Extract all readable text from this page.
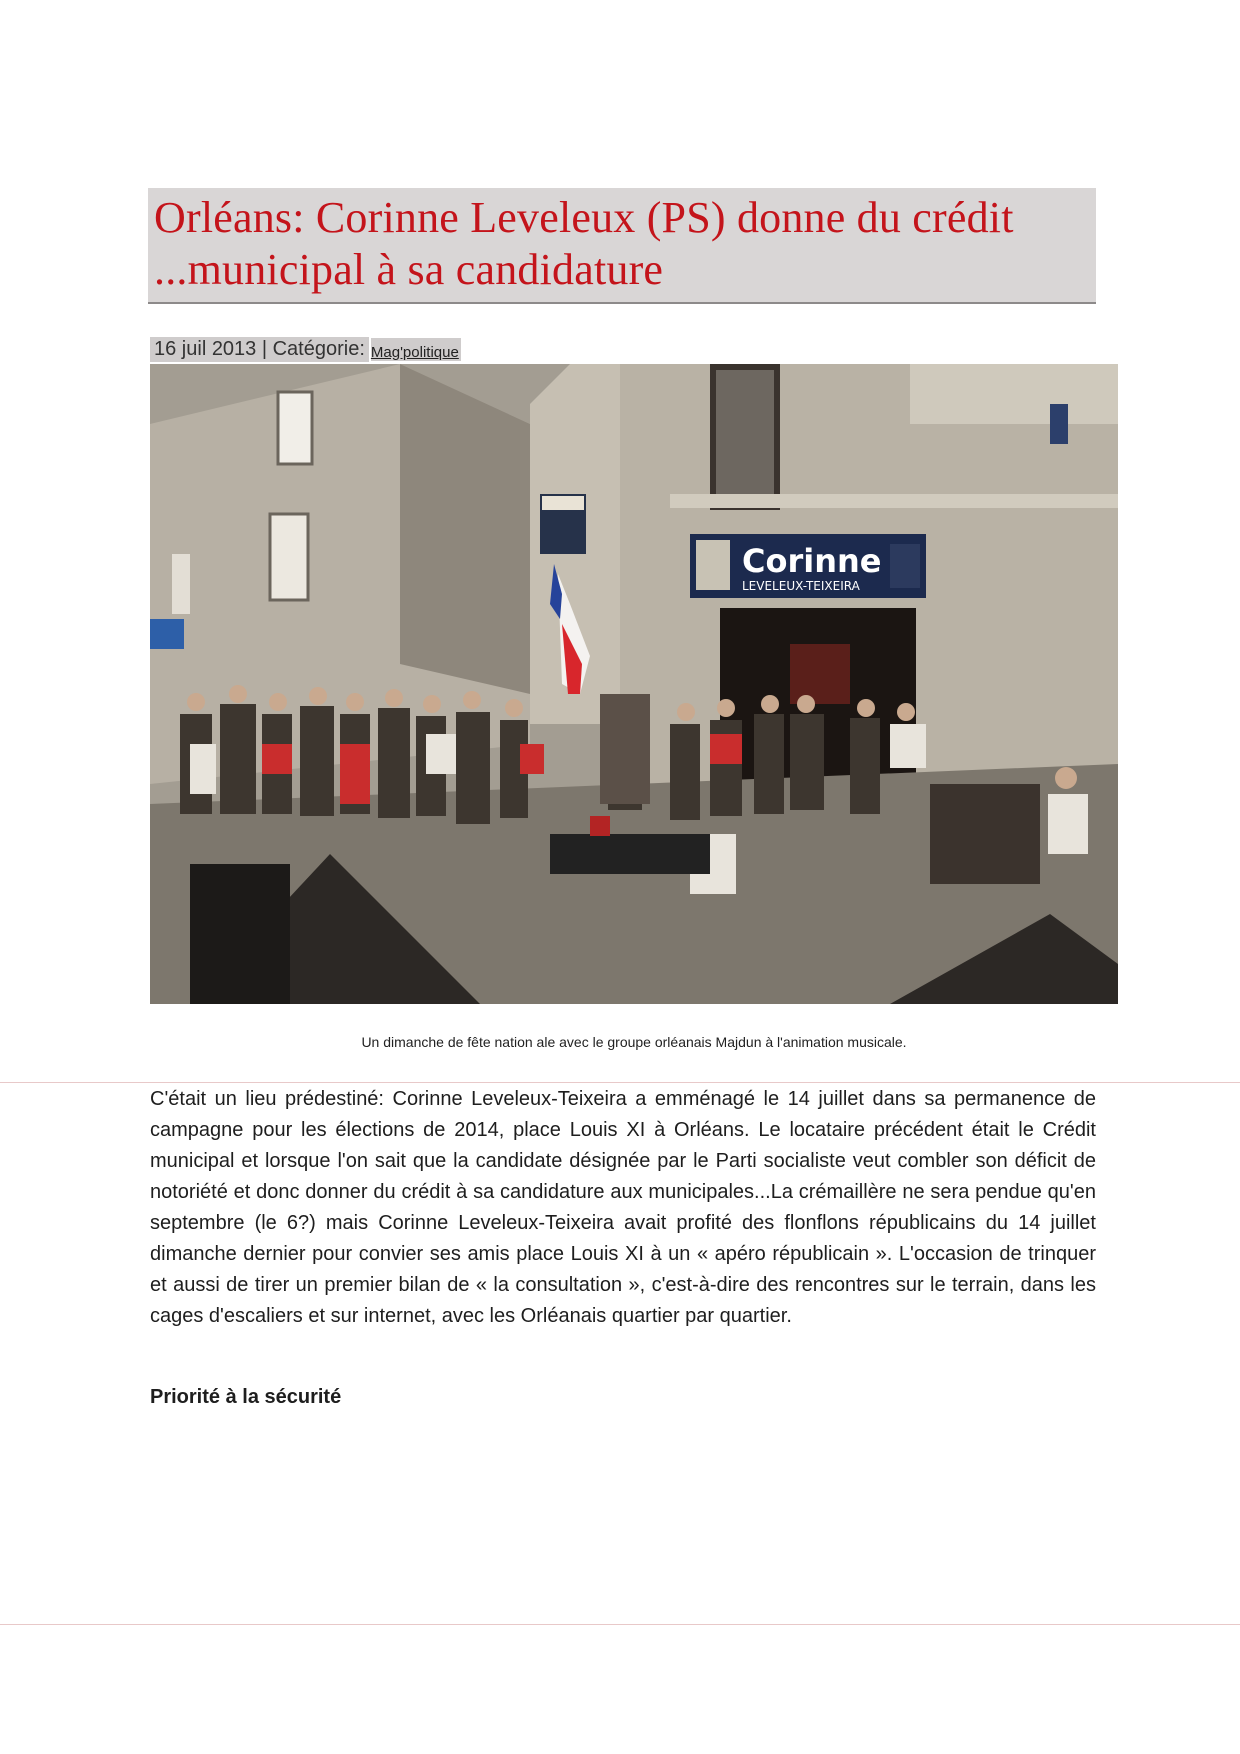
Orléans: Corinne Leveleux (PS) donne du crédit
...municipal à sa candidature
16 juil 2013 | Catégorie: Mag'politique
Corinne
LEVELEUX-TEIXEIRA
Un dimanche de fête nation ale avec le groupe orléanais Majdun à l'animation musicale.

C'était un lieu prédestiné: Corinne Leveleux-Teixeira a emménagé le 14 juillet dans sa permanence de campagne pour les élections de 2014, place Louis XI à Orléans. Le locataire précédent était le Crédit municipal et lorsque l'on sait que la candidate désignée par le Parti socialiste veut combler son déficit de notoriété et donc donner du crédit à sa candidature aux municipales...La crémaillère ne sera pendue qu'en septembre (le 6?) mais Corinne Leveleux-Teixeira avait profité des flonflons républicains du 14 juillet dimanche dernier pour convier ses amis place Louis XI à un « apéro républicain ». L'occasion de trinquer et aussi de tirer un premier bilan de « la consultation », c'est-à-dire des rencontres sur le terrain, dans les cages d'escaliers et sur internet, avec les Orléanais quartier par quartier.

Priorité à la sécurité
